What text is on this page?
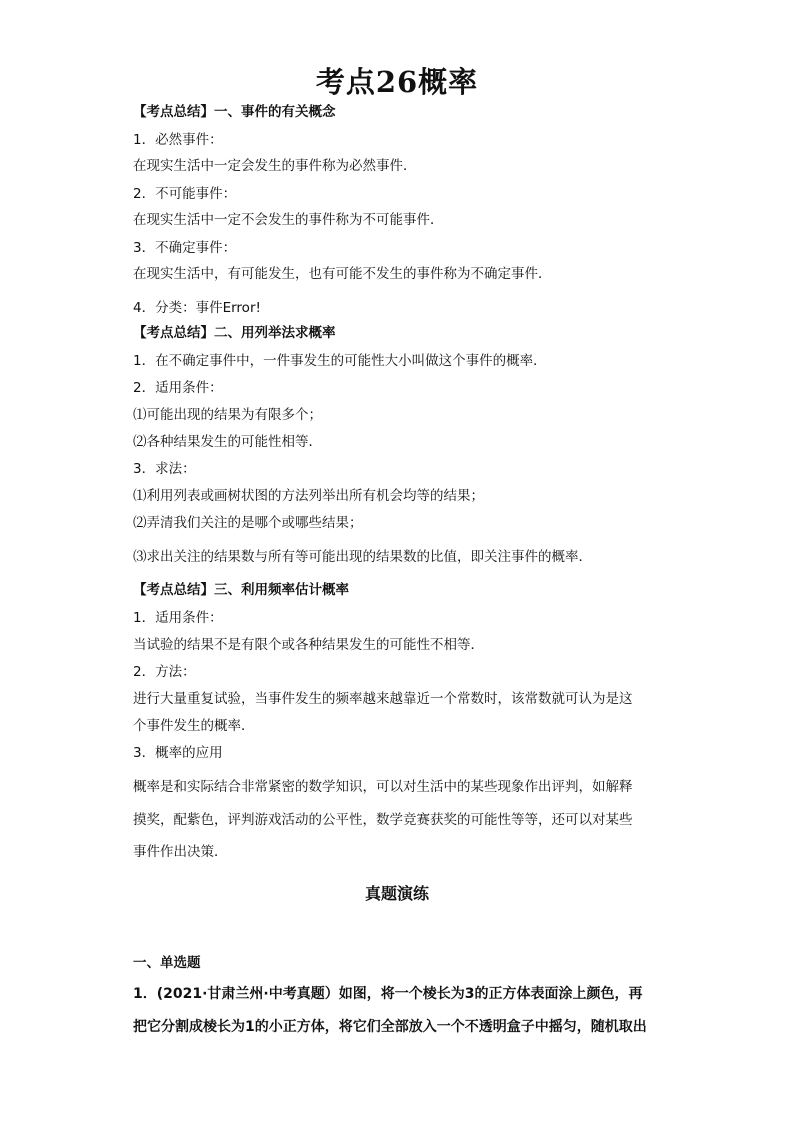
考点26概率
【考点总结】一、事件的有关概念
1．必然事件：
在现实生活中一定会发生的事件称为必然事件．
2．不可能事件：
在现实生活中一定不会发生的事件称为不可能事件．
3．不确定事件：
在现实生活中，有可能发生，也有可能不发生的事件称为不确定事件．
4．分类：事件Error!
【考点总结】二、用列举法求概率
1．在不确定事件中，一件事发生的可能性大小叫做这个事件的概率．
2．适用条件：
⑴可能出现的结果为有限多个；
⑵各种结果发生的可能性相等．
3．求法：
⑴利用列表或画树状图的方法列举出所有机会均等的结果；
⑵弄清我们关注的是哪个或哪些结果；
⑶求出关注的结果数与所有等可能出现的结果数的比值，即关注事件的概率．
【考点总结】三、利用频率估计概率
1．适用条件：
当试验的结果不是有限个或各种结果发生的可能性不相等．
2．方法：
进行大量重复试验，当事件发生的频率越来越靠近一个常数时，该常数就可认为是这
个事件发生的概率．
3．概率的应用
概率是和实际结合非常紧密的数学知识，可以对生活中的某些现象作出评判，如解释
摸奖，配紫色，评判游戏活动的公平性，数学竞赛获奖的可能性等等，还可以对某些
事件作出决策．
真题演练
一、单选题
1．(2021·甘肃兰州·中考真题）如图，将一个棱长为3的正方体表面涂上颜色，再
把它分割成棱长为1的小正方体，将它们全部放入一个不透明盒子中摇匀，随机取出
